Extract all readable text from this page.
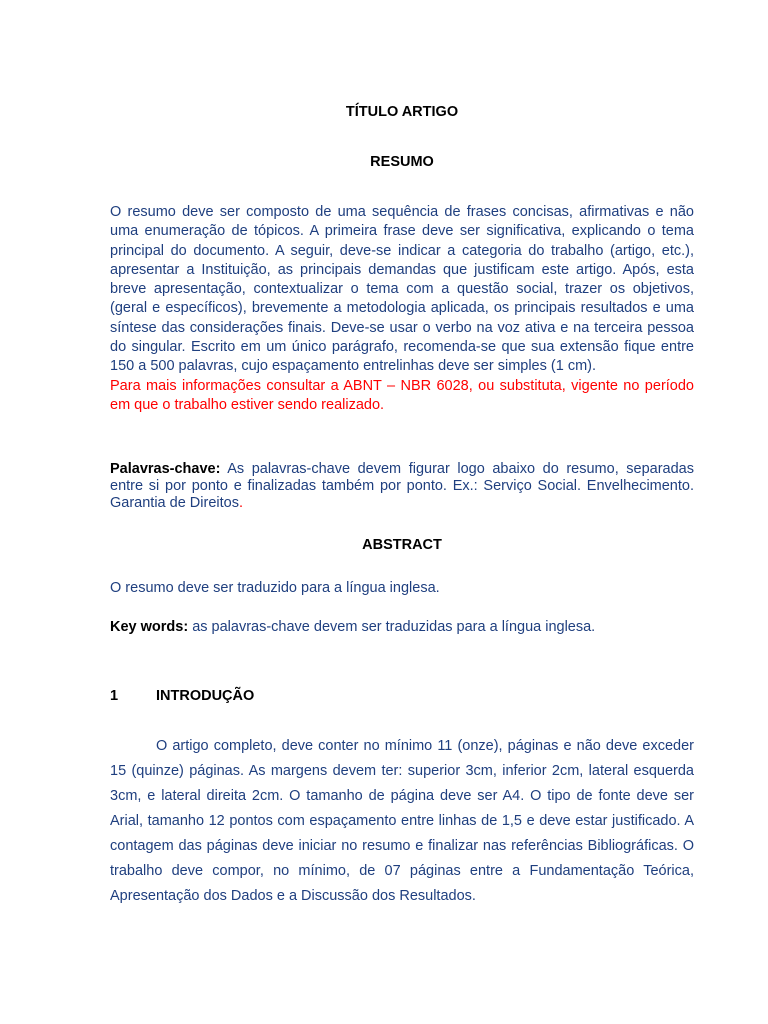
TÍTULO ARTIGO
RESUMO
O resumo deve ser composto de uma sequência de frases concisas, afirmativas e não uma enumeração de tópicos. A primeira frase deve ser significativa, explicando o tema principal do documento. A seguir, deve-se indicar a categoria do trabalho (artigo, etc.), apresentar a Instituição, as principais demandas que justificam este artigo. Após, esta breve apresentação, contextualizar o tema com a questão social, trazer os objetivos, (geral e específicos), brevemente a metodologia aplicada, os principais resultados e uma síntese das considerações finais. Deve-se usar o verbo na voz ativa e na terceira pessoa do singular. Escrito em um único parágrafo, recomenda-se que sua extensão fique entre 150 a 500 palavras, cujo espaçamento entrelinhas deve ser simples (1 cm).
Para mais informações consultar a ABNT – NBR 6028, ou substituta, vigente no período em que o trabalho estiver sendo realizado.

Palavras-chave: As palavras-chave devem figurar logo abaixo do resumo, separadas entre si por ponto e finalizadas também por ponto. Ex.: Serviço Social. Envelhecimento. Garantia de Direitos.

ABSTRACT

O resumo deve ser traduzido para a língua inglesa.

Key words: as palavras-chave devem ser traduzidas para a língua inglesa.

1	INTRODUÇÃO

O artigo completo, deve conter no mínimo 11 (onze), páginas e não deve exceder 15 (quinze) páginas. As margens devem ter: superior 3cm, inferior 2cm, lateral esquerda 3cm, e lateral direita 2cm. O tamanho de página deve ser A4. O tipo de fonte deve ser Arial, tamanho 12 pontos com espaçamento entre linhas de 1,5 e deve estar justificado. A contagem das páginas deve iniciar no resumo e finalizar nas referências Bibliográficas. O trabalho deve compor, no mínimo, de 07 páginas entre a Fundamentação Teórica, Apresentação dos Dados e a Discussão dos Resultados.
